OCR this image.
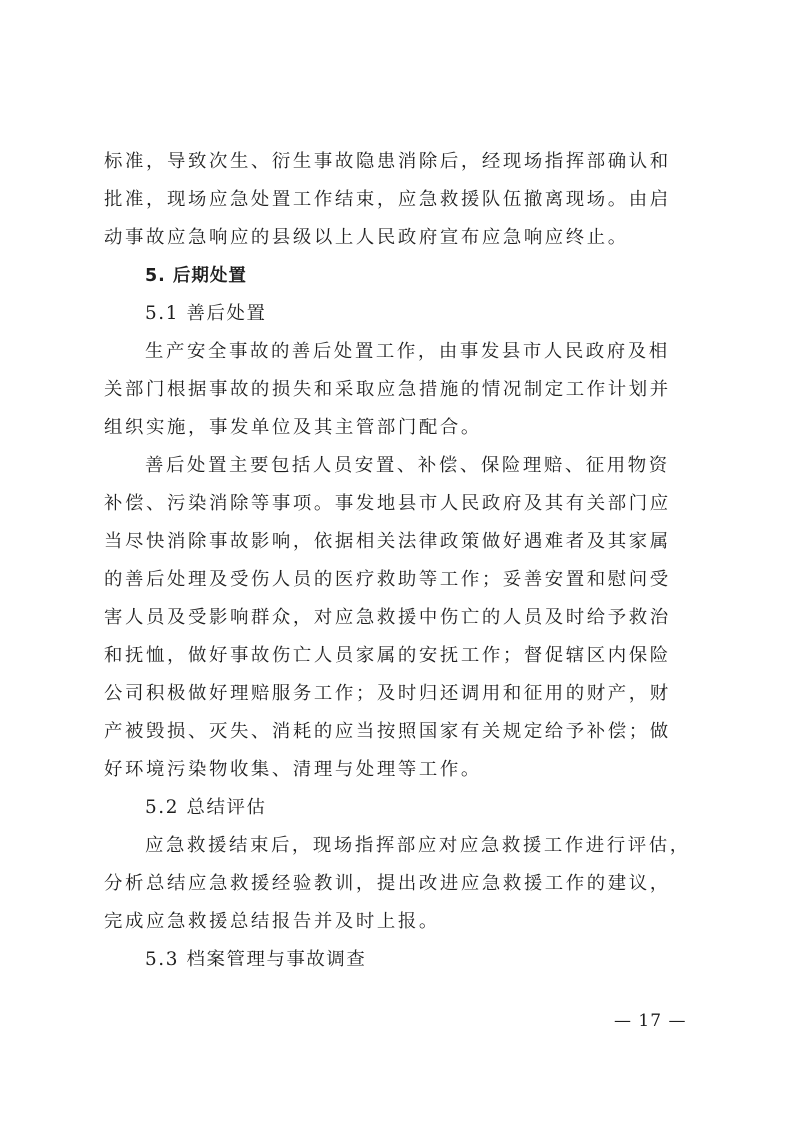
标准，导致次生、衍生事故隐患消除后，经现场指挥部确认和
批准，现场应急处置工作结束，应急救援队伍撤离现场。由启
动事故应急响应的县级以上人民政府宣布应急响应终止。
5. 后期处置
5.1 善后处置
生产安全事故的善后处置工作，由事发县市人民政府及相
关部门根据事故的损失和采取应急措施的情况制定工作计划并
组织实施，事发单位及其主管部门配合。
善后处置主要包括人员安置、补偿、保险理赔、征用物资
补偿、污染消除等事项。事发地县市人民政府及其有关部门应
当尽快消除事故影响，依据相关法律政策做好遇难者及其家属
的善后处理及受伤人员的医疗救助等工作；妥善安置和慰问受
害人员及受影响群众，对应急救援中伤亡的人员及时给予救治
和抚恤，做好事故伤亡人员家属的安抚工作；督促辖区内保险
公司积极做好理赔服务工作；及时归还调用和征用的财产，财
产被毁损、灭失、消耗的应当按照国家有关规定给予补偿；做
好环境污染物收集、清理与处理等工作。
5.2 总结评估
应急救援结束后，现场指挥部应对应急救援工作进行评估，
分析总结应急救援经验教训，提出改进应急救援工作的建议，
完成应急救援总结报告并及时上报。
5.3 档案管理与事故调查
— 17 —
